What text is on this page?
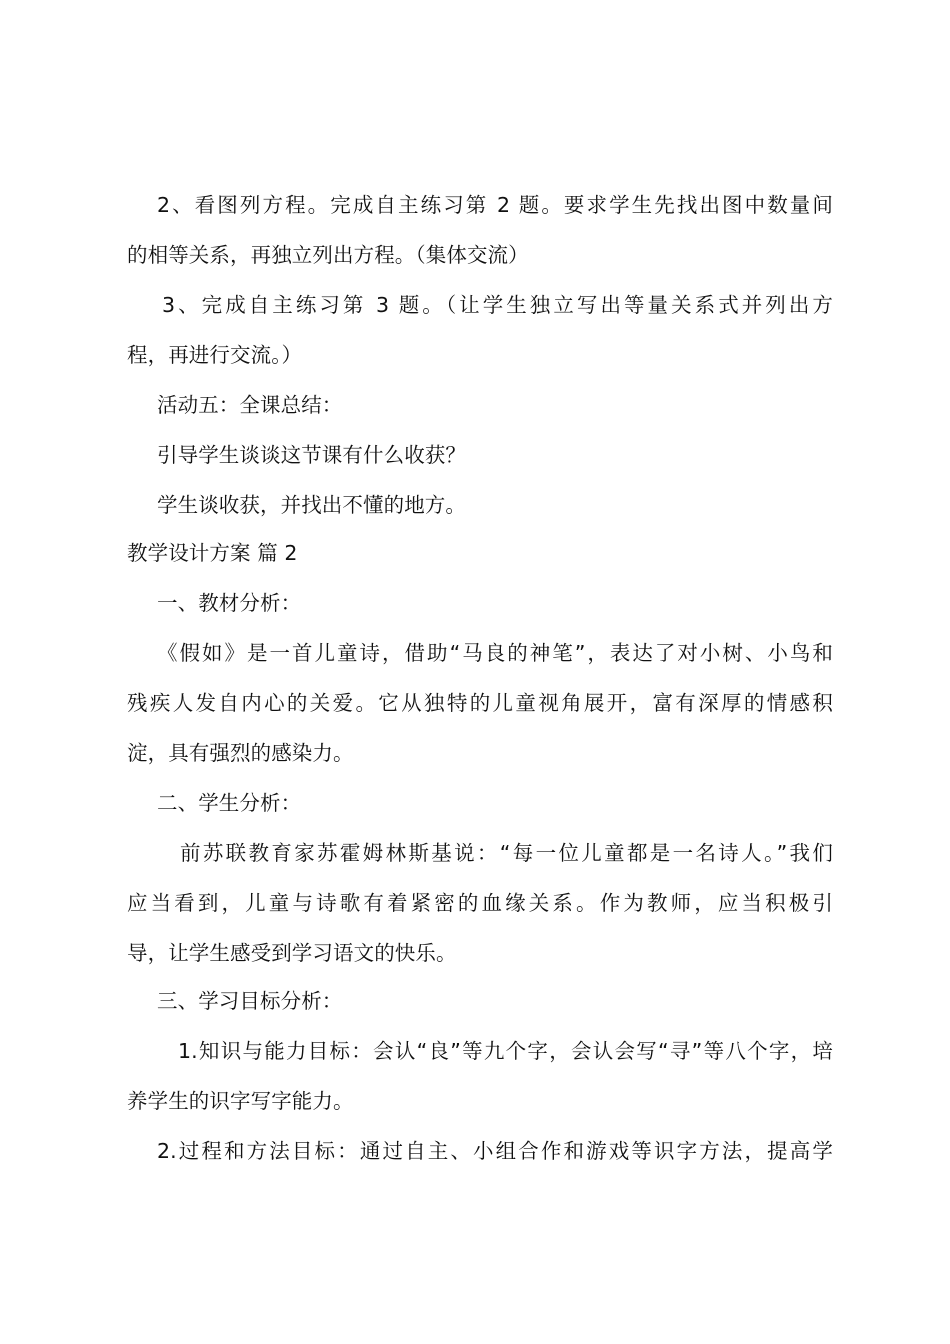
2、看图列方程。完成自主练习第 2 题。要求学生先找出图中数量间
的相等关系，再独立列出方程。（集体交流）
3、完成自主练习第 3 题。（让学生独立写出等量关系式并列出方
程，再进行交流。）
活动五：全课总结：
引导学生谈谈这节课有什么收获？
学生谈收获，并找出不懂的地方。
教学设计方案 篇 2
一、教材分析：
《假如》是一首儿童诗，借助“马良的神笔”，表达了对小树、小鸟和
残疾人发自内心的关爱。它从独特的儿童视角展开，富有深厚的情感积
淀，具有强烈的感染力。
二、学生分析：
前苏联教育家苏霍姆林斯基说：“每一位儿童都是一名诗人。”我们
应当看到，儿童与诗歌有着紧密的血缘关系。作为教师，应当积极引
导，让学生感受到学习语文的快乐。
三、学习目标分析：
1.知识与能力目标：会认“良”等九个字，会认会写“寻”等八个字，培
养学生的识字写字能力。
2.过程和方法目标：通过自主、小组合作和游戏等识字方法，提高学
